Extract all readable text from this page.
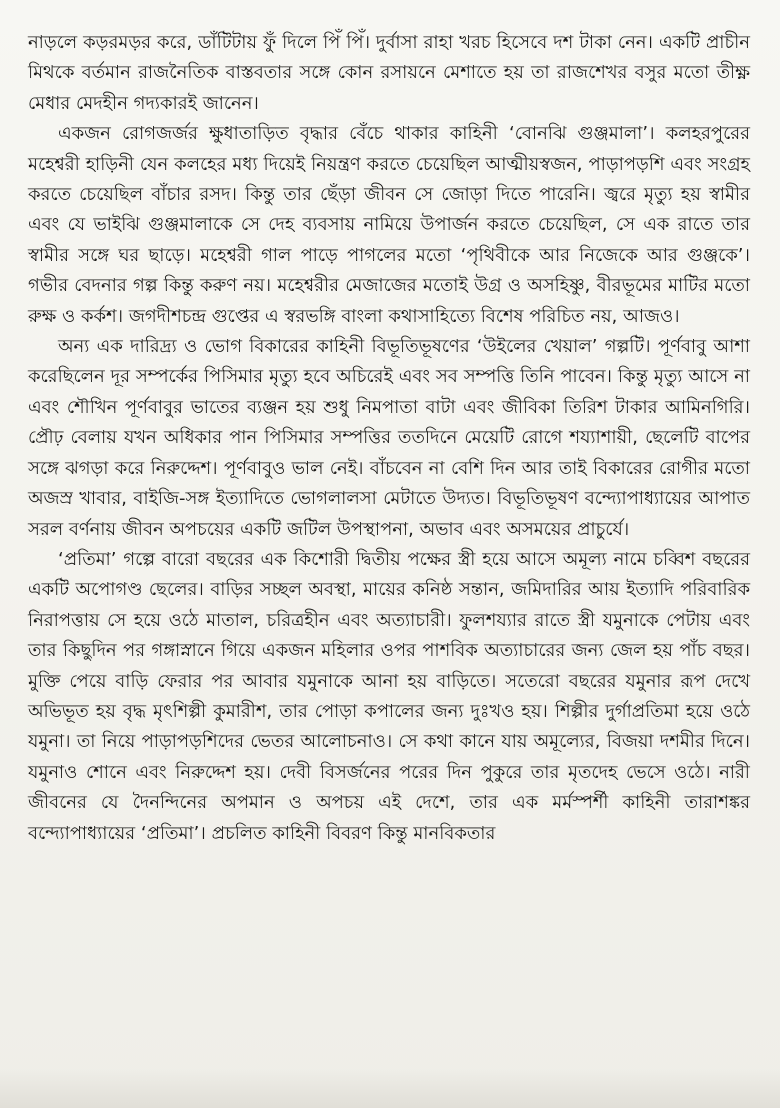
নাড়লে কড়রমড়র করে, ডাঁটিটায় ফুঁ দিলে পিঁ পিঁ। দুর্বাসা রাহা খরচ হিসেবে দশ টাকা নেন। একটি প্রাচীন মিথকে বর্তমান রাজনৈতিক বাস্তবতার সঙ্গে কোন রসায়নে মেশাতে হয় তা রাজশেখর বসুর মতো তীক্ষ্ণ মেধার মেদহীন গদ্যকারই জানেন।

একজন রোগজর্জর ক্ষুধাতাড়িত বৃদ্ধার বেঁচে থাকার কাহিনী ‘বোনঝি গুঞ্জমালা’। কলহরপুরের মহেশ্বরী হাড়িনী যেন কলহের মধ্য দিয়েই নিয়ন্ত্রণ করতে চেয়েছিল আত্মীয়স্বজন, পাড়াপড়শি এবং সংগ্রহ করতে চেয়েছিল বাঁচার রসদ। কিন্তু তার ছেঁড়া জীবন সে জোড়া দিতে পারেনি। জ্বরে মৃত্যু হয় স্বামীর এবং যে ভাইঝি গুঞ্জমালাকে সে দেহ ব্যবসায় নামিয়ে উপার্জন করতে চেয়েছিল, সে এক রাতে তার স্বামীর সঙ্গে ঘর ছাড়ে। মহেশ্বরী গাল পাড়ে পাগলের মতো ‘পৃথিবীকে আর নিজেকে আর গুঞ্জকে’। গভীর বেদনার গল্প কিন্তু করুণ নয়। মহেশ্বরীর মেজাজের মতোই উগ্র ও অসহিষ্ণু, বীরভূমের মাটির মতো রুক্ষ ও কর্কশ। জগদীশচন্দ্র গুপ্তের এ স্বরভঙ্গি বাংলা কথাসাহিত্যে বিশেষ পরিচিত নয়, আজও।

অন্য এক দারিদ্র্য ও ভোগ বিকারের কাহিনী বিভূতিভূষণের ‘উইলের খেয়াল’ গল্পটি। পূর্ণবাবু আশা করেছিলেন দূর সম্পর্কের পিসিমার মৃত্যু হবে অচিরেই এবং সব সম্পত্তি তিনি পাবেন। কিন্তু মৃত্যু আসে না এবং শৌখিন পূর্ণবাবুর ভাতের ব্যঞ্জন হয় শুধু নিমপাতা বাটা এবং জীবিকা তিরিশ টাকার আমিনগিরি। প্রৌঢ় বেলায় যখন অধিকার পান পিসিমার সম্পত্তির ততদিনে মেয়েটি রোগে শয্যাশায়ী, ছেলেটি বাপের সঙ্গে ঝগড়া করে নিরুদ্দেশ। পূর্ণবাবুও ভাল নেই। বাঁচবেন না বেশি দিন আর তাই বিকারের রোগীর মতো অজস্র খাবার, বাইজি-সঙ্গ ইত্যাদিতে ভোগলালসা মেটাতে উদ্যত। বিভূতিভূষণ বন্দ্যোপাধ্যায়ের আপাত সরল বর্ণনায় জীবন অপচয়ের একটি জটিল উপস্থাপনা, অভাব এবং অসময়ের প্রাচুর্যে।

‘প্রতিমা’ গল্পে বারো বছরের এক কিশোরী দ্বিতীয় পক্ষের স্ত্রী হয়ে আসে অমূল্য নামে চব্বিশ বছরের একটি অপোগণ্ড ছেলের। বাড়ির সচ্ছল অবস্থা, মায়ের কনিষ্ঠ সন্তান, জমিদারির আয় ইত্যাদি পরিবারিক নিরাপত্তায় সে হয়ে ওঠে মাতাল, চরিত্রহীন এবং অত্যাচারী। ফুলশয্যার রাতে স্ত্রী যমুনাকে পেটায় এবং তার কিছুদিন পর গঙ্গাস্নানে গিয়ে একজন মহিলার ওপর পাশবিক অত্যাচারের জন্য জেল হয় পাঁচ বছর। মুক্তি পেয়ে বাড়ি ফেরার পর আবার যমুনাকে আনা হয় বাড়িতে। সতেরো বছরের যমুনার রূপ দেখে অভিভূত হয় বৃদ্ধ মৃৎশিল্পী কুমারীশ, তার পোড়া কপালের জন্য দুঃখও হয়। শিল্পীর দুর্গাপ্রতিমা হয়ে ওঠে যমুনা। তা নিয়ে পাড়াপড়শিদের ভেতর আলোচনাও। সে কথা কানে যায় অমূল্যের, বিজয়া দশমীর দিনে। যমুনাও শোনে এবং নিরুদ্দেশ হয়। দেবী বিসর্জনের পরের দিন পুকুরে তার মৃতদেহ ভেসে ওঠে। নারী জীবনের যে দৈনন্দিনের অপমান ও অপচয় এই দেশে, তার এক মর্মস্পর্শী কাহিনী তারাশঙ্কর বন্দ্যোপাধ্যায়ের ‘প্রতিমা’। প্রচলিত কাহিনী বিবরণ কিন্তু মানবিকতার
